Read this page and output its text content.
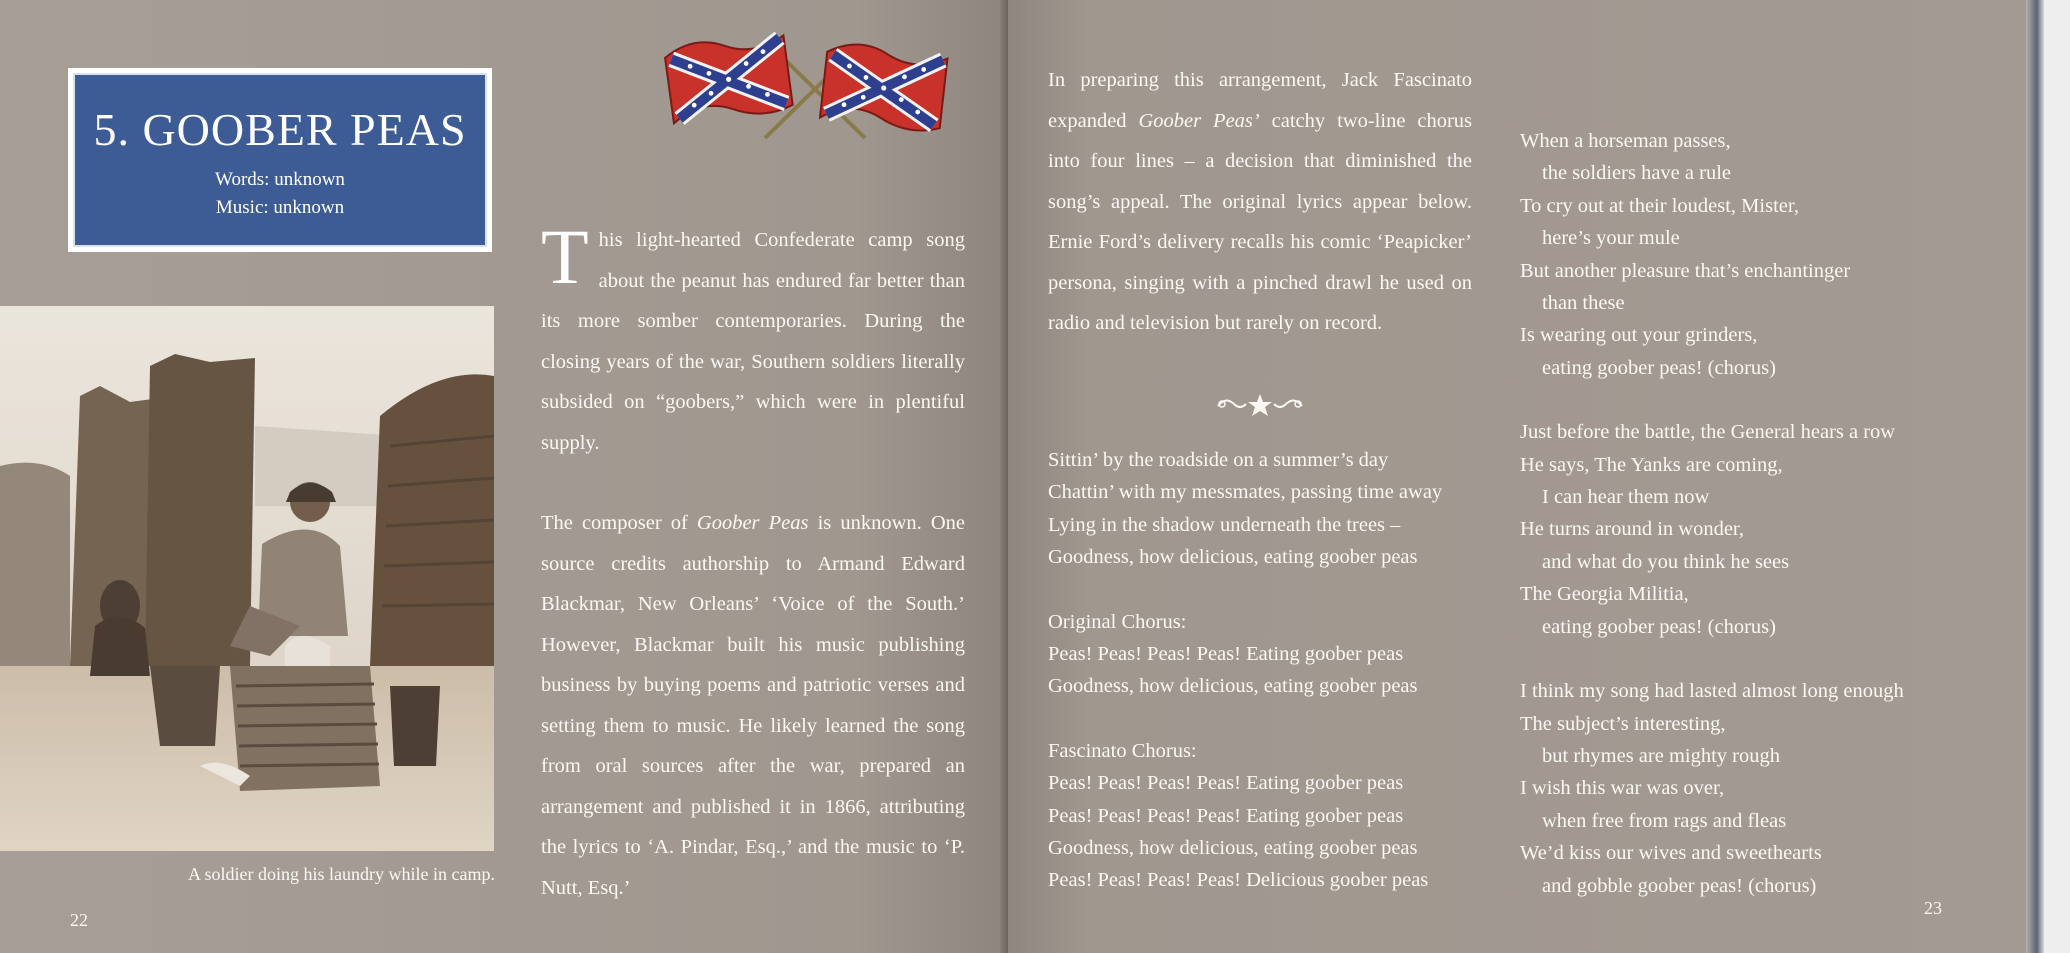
5. GOOBER PEAS
Words: unknown
Music: unknown
A soldier doing his laundry while in camp.

This light-hearted Confederate camp song about the peanut has endured far better than its more somber contemporaries. During the closing years of the war, Southern soldiers literally subsided on “goobers,” which were in plentiful supply.

The composer of Goober Peas is unknown. One source credits authorship to Armand Edward Blackmar, New Orleans’ ‘Voice of the South.’ However, Blackmar built his music publishing business by buying poems and patriotic verses and setting them to music. He likely learned the song from oral sources after the war, prepared an arrangement and published it in 1866, attributing the lyrics to ‘A. Pindar, Esq.,’ and the music to ‘P. Nutt, Esq.’

22

In preparing this arrangement, Jack Fascinato expanded Goober Peas’ catchy two-line chorus into four lines – a decision that diminished the song’s appeal. The original lyrics appear below. Ernie Ford’s delivery recalls his comic ‘Peapicker’ persona, singing with a pinched drawl he used on radio and television but rarely on record.

Sittin’ by the roadside on a summer’s day
Chattin’ with my messmates, passing time away
Lying in the shadow underneath the trees –
Goodness, how delicious, eating goober peas
Original Chorus:
Peas! Peas! Peas! Peas! Eating goober peas
Goodness, how delicious, eating goober peas
Fascinato Chorus:
Peas! Peas! Peas! Peas! Eating goober peas
Peas! Peas! Peas! Peas! Eating goober peas
Goodness, how delicious, eating goober peas
Peas! Peas! Peas! Peas! Delicious goober peas
When a horseman passes,
the soldiers have a rule
To cry out at their loudest, Mister,
here’s your mule
But another pleasure that’s enchantinger
than these
Is wearing out your grinders,
eating goober peas! (chorus)
Just before the battle, the General hears a row
He says, The Yanks are coming,
I can hear them now
He turns around in wonder,
and what do you think he sees
The Georgia Militia,
eating goober peas! (chorus)
I think my song had lasted almost long enough
The subject’s interesting,
but rhymes are mighty rough
I wish this war was over,
when free from rags and fleas
We’d kiss our wives and sweethearts
and gobble goober peas! (chorus)
23
